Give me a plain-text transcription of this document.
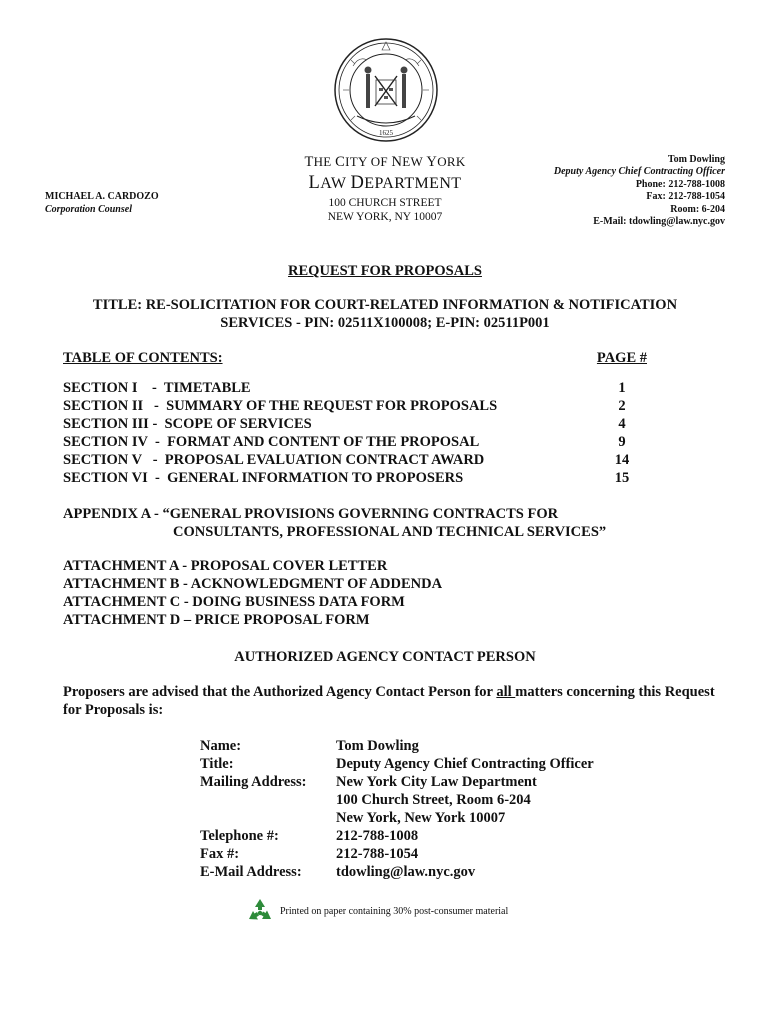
1625
THE CITY OF NEW YORK
LAW DEPARTMENT
100 CHURCH STREET
NEW YORK, NY 10007
MICHAEL A. CARDOZO
Corporation Counsel
Tom Dowling
Deputy Agency Chief Contracting Officer
Phone: 212-788-1008
Fax: 212-788-1054
Room: 6-204
E-Mail: tdowling@law.nyc.gov
REQUEST FOR PROPOSALS
TITLE: RE-SOLICITATION FOR COURT-RELATED INFORMATION & NOTIFICATION
SERVICES - PIN: 02511X100008; E-PIN: 02511P001
TABLE OF CONTENTS:	PAGE #
SECTION I    -  TIMETABLE	1
SECTION II   -  SUMMARY OF THE REQUEST FOR PROPOSALS	2
SECTION III -  SCOPE OF SERVICES	4
SECTION IV  -  FORMAT AND CONTENT OF THE PROPOSAL	9
SECTION V   -  PROPOSAL EVALUATION CONTRACT AWARD	14
SECTION VI  -  GENERAL INFORMATION TO PROPOSERS	15
APPENDIX A - “GENERAL PROVISIONS GOVERNING CONTRACTS FOR
CONSULTANTS, PROFESSIONAL AND TECHNICAL SERVICES”
ATTACHMENT A - PROPOSAL COVER LETTER
ATTACHMENT B - ACKNOWLEDGMENT OF ADDENDA
ATTACHMENT C - DOING BUSINESS DATA FORM
ATTACHMENT D – PRICE PROPOSAL FORM
AUTHORIZED AGENCY CONTACT PERSON
Proposers are advised that the Authorized Agency Contact Person for all matters concerning this Request for Proposals is:
Name:	Tom Dowling
Title:	Deputy Agency Chief Contracting Officer
Mailing Address:	New York City Law Department
100 Church Street, Room 6-204
New York, New York 10007
Telephone #:	212-788-1008
Fax #:	212-788-1054
E-Mail Address:	tdowling@law.nyc.gov
Printed on paper containing 30% post-consumer material
